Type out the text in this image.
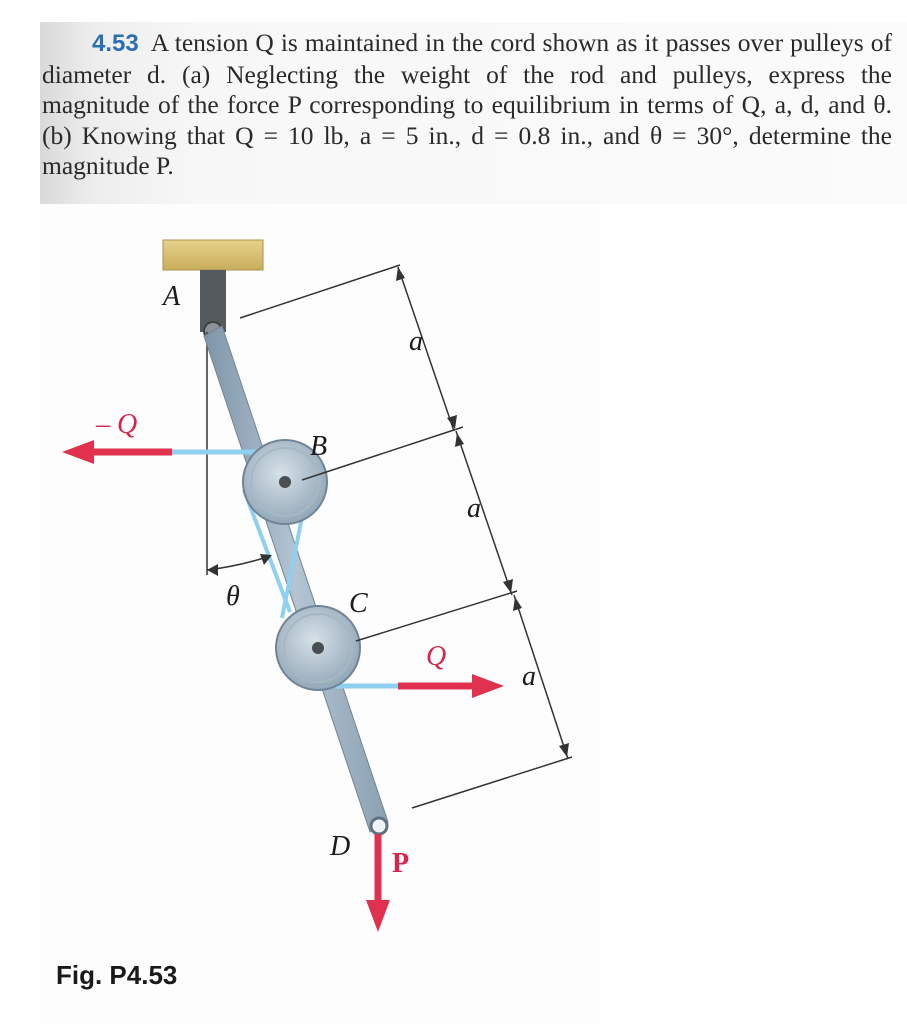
4.53 A tension Q is maintained in the cord shown as it passes over pulleys of diameter d. (a) Neglecting the weight of the rod and pulleys, express the magnitude of the force P corresponding to equilibrium in terms of Q, a, d, and θ. (b) Knowing that Q = 10 lb, a = 5 in., d = 0.8 in., and θ = 30°, determine the magnitude P.
A
B
C
D
θ
a
a
a
– Q
Q
P
Fig. P4.53
